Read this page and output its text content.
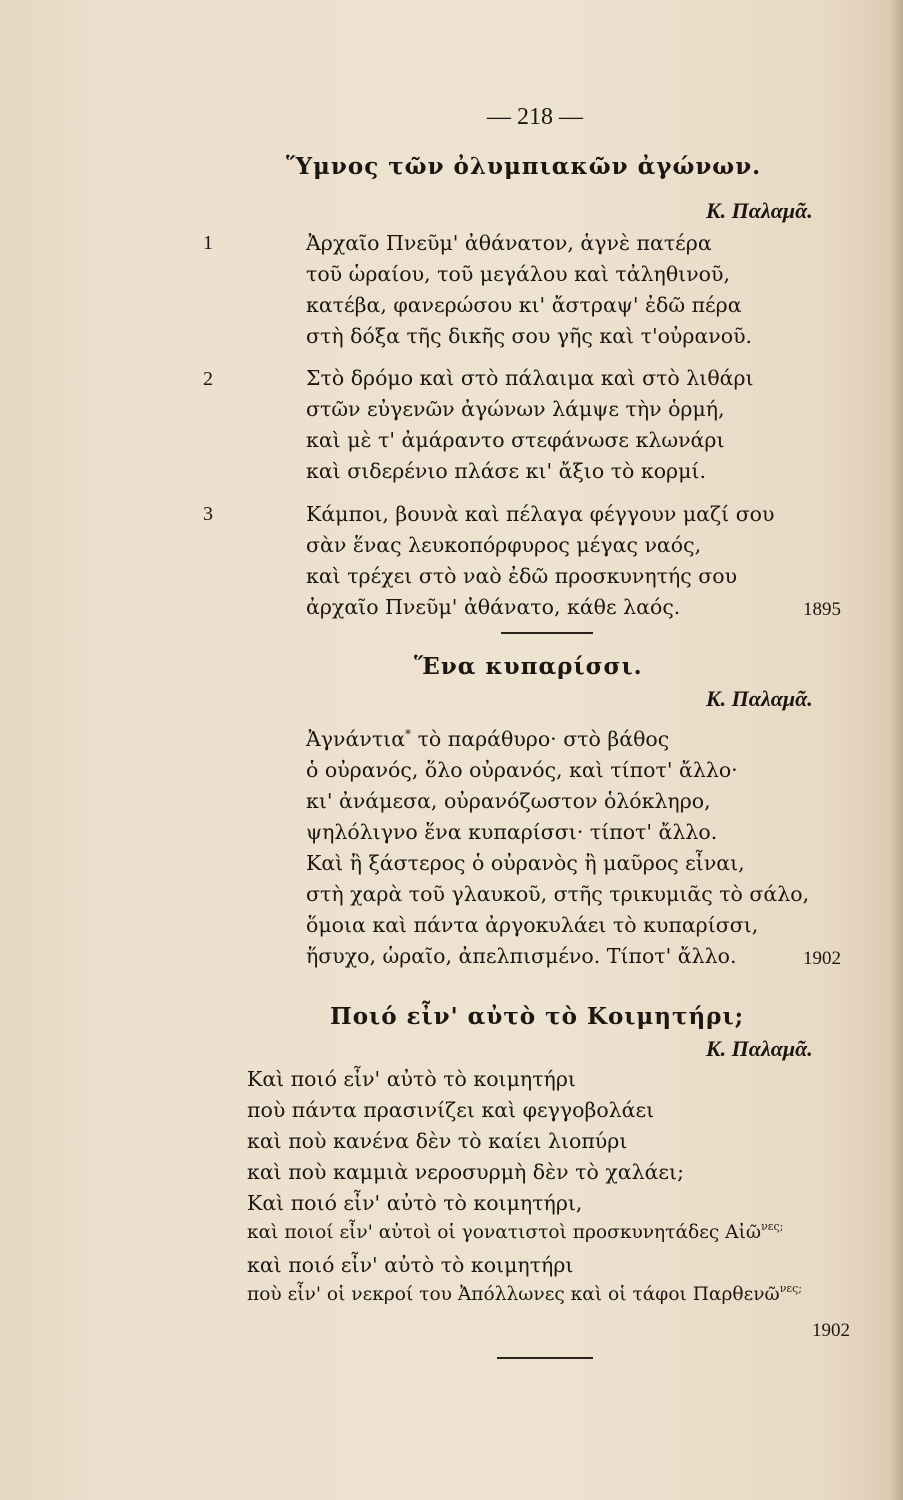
— 218 —
Ὕμνος τῶν ὀλυμπιακῶν ἀγώνων.
Κ. Παλαμᾶ.
1
2
3
Ἀρχαῖο Πνεῦμ' ἀθάνατον, ἁγνὲ πατέρα
τοῦ ὡραίου, τοῦ μεγάλου καὶ τἀληθινοῦ,
κατέβα, φανερώσου κι' ἄστραψ' ἐδῶ πέρα
στὴ δόξα τῆς δικῆς σου γῆς καὶ τ'οὐρανοῦ.
Στὸ δρόμο καὶ στὸ πάλαιμα καὶ στὸ λιθάρι
στῶν εὐγενῶν ἀγώνων λάμψε τὴν ὁρμή,
καὶ μὲ τ' ἀμάραντο στεφάνωσε κλωνάρι
καὶ σιδερένιο πλάσε κι' ἄξιο τὸ κορμί.
Κάμποι, βουνὰ καὶ πέλαγα φέγγουν μαζί σου
σὰν ἕνας λευκοπόρφυρος μέγας ναός,
καὶ τρέχει στὸ ναὸ ἐδῶ προσκυνητής σου
ἀρχαῖο Πνεῦμ' ἀθάνατο, κάθε λαός.	1895
Ἕνα κυπαρίσσι.
Κ. Παλαμᾶ.
Ἀγνάντια* τὸ παράθυρο· στὸ βάθος
ὁ οὐρανός, ὅλο οὐρανός, καὶ τίποτ' ἄλλο·
κι' ἀνάμεσα, οὐρανόζωστον ὁλόκληρο,
ψηλόλιγνο ἕνα κυπαρίσσι· τίποτ' ἄλλο.
Καὶ ἢ ξάστερος ὁ οὐρανὸς ἢ μαῦρος εἶναι,
στὴ χαρὰ τοῦ γλαυκοῦ, στῆς τρικυμιᾶς τὸ σάλο,
ὅμοια καὶ πάντα ἀργοκυλάει τὸ κυπαρίσσι,
ἥσυχο, ὡραῖο, ἀπελπισμένο. Τίποτ' ἄλλο.	1902
Ποιό εἶν' αὐτὸ τὸ Κοιμητήρι;
Κ. Παλαμᾶ.
Καὶ ποιό εἶν' αὐτὸ τὸ κοιμητήρι
ποὺ πάντα πρασινίζει καὶ φεγγοβολάει
καὶ ποὺ κανένα δὲν τὸ καίει λιοπύρι
καὶ ποὺ καμμιὰ νεροσυρμὴ δὲν τὸ χαλάει;
Καὶ ποιό εἶν' αὐτὸ τὸ κοιμητήρι,
καὶ ποιοί εἶν' αὐτοὶ οἱ γονατιστοὶ προσκυνητάδες Αἰῶ$^{\nu\varepsilon\varsigma;}$
καὶ ποιό εἶν' αὐτὸ τὸ κοιμητήρι
ποὺ εἶν' οἱ νεκροί του Ἀπόλλωνες καὶ οἱ τάφοι Παρθενῶ$^{\nu\varepsilon\varsigma;}$
1902
